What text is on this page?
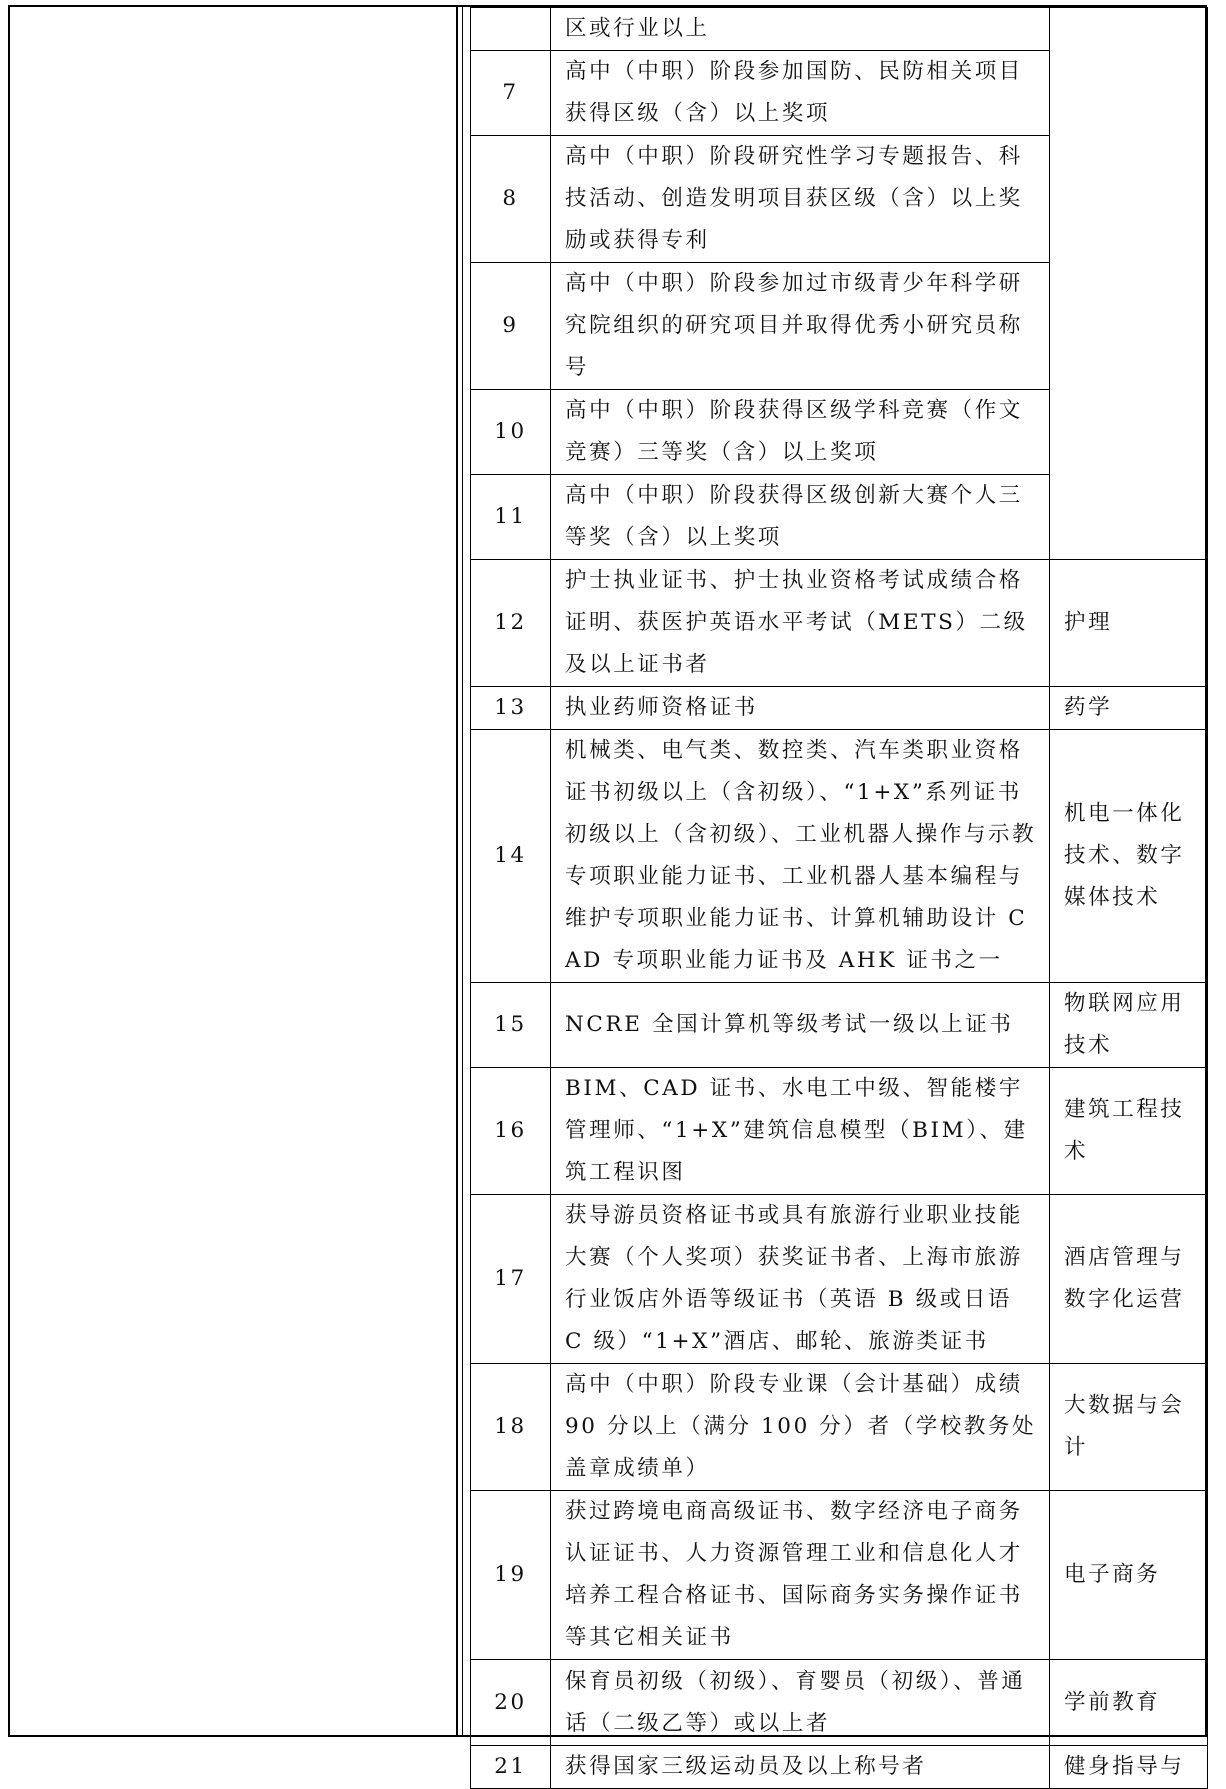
	区或行业以上	
7	高中（中职）阶段参加国防、民防相关项目获得区级（含）以上奖项	
8	高中（中职）阶段研究性学习专题报告、科技活动、创造发明项目获区级（含）以上奖励或获得专利	
9	高中（中职）阶段参加过市级青少年科学研究院组织的研究项目并取得优秀小研究员称号	
10	高中（中职）阶段获得区级学科竞赛（作文竞赛）三等奖（含）以上奖项	
11	高中（中职）阶段获得区级创新大赛个人三等奖（含）以上奖项	
12	护士执业证书、护士执业资格考试成绩合格证明、获医护英语水平考试（METS）二级及以上证书者	护理
13	执业药师资格证书	药学
14	机械类、电气类、数控类、汽车类职业资格证书初级以上（含初级）、“1+X”系列证书初级以上（含初级）、工业机器人操作与示教专项职业能力证书、工业机器人基本编程与维护专项职业能力证书、计算机辅助设计 CAD 专项职业能力证书及 AHK 证书之一	机电一体化技术、数字媒体技术
15	NCRE 全国计算机等级考试一级以上证书	物联网应用技术
16	BIM、CAD 证书、水电工中级、智能楼宇管理师、“1+X”建筑信息模型（BIM）、建筑工程识图	建筑工程技术
17	获导游员资格证书或具有旅游行业职业技能大赛（个人奖项）获奖证书者、上海市旅游行业饭店外语等级证书（英语 B 级或日语 C 级）“1+X”酒店、邮轮、旅游类证书	酒店管理与数字化运营
18	高中（中职）阶段专业课（会计基础）成绩 90 分以上（满分 100 分）者（学校教务处盖章成绩单）	大数据与会计
19	获过跨境电商高级证书、数字经济电子商务认证证书、人力资源管理工业和信息化人才培养工程合格证书、国际商务实务操作证书等其它相关证书	电子商务
20	保育员初级（初级）、育婴员（初级）、普通话（二级乙等）或以上者	学前教育
21	获得国家三级运动员及以上称号者	健身指导与
